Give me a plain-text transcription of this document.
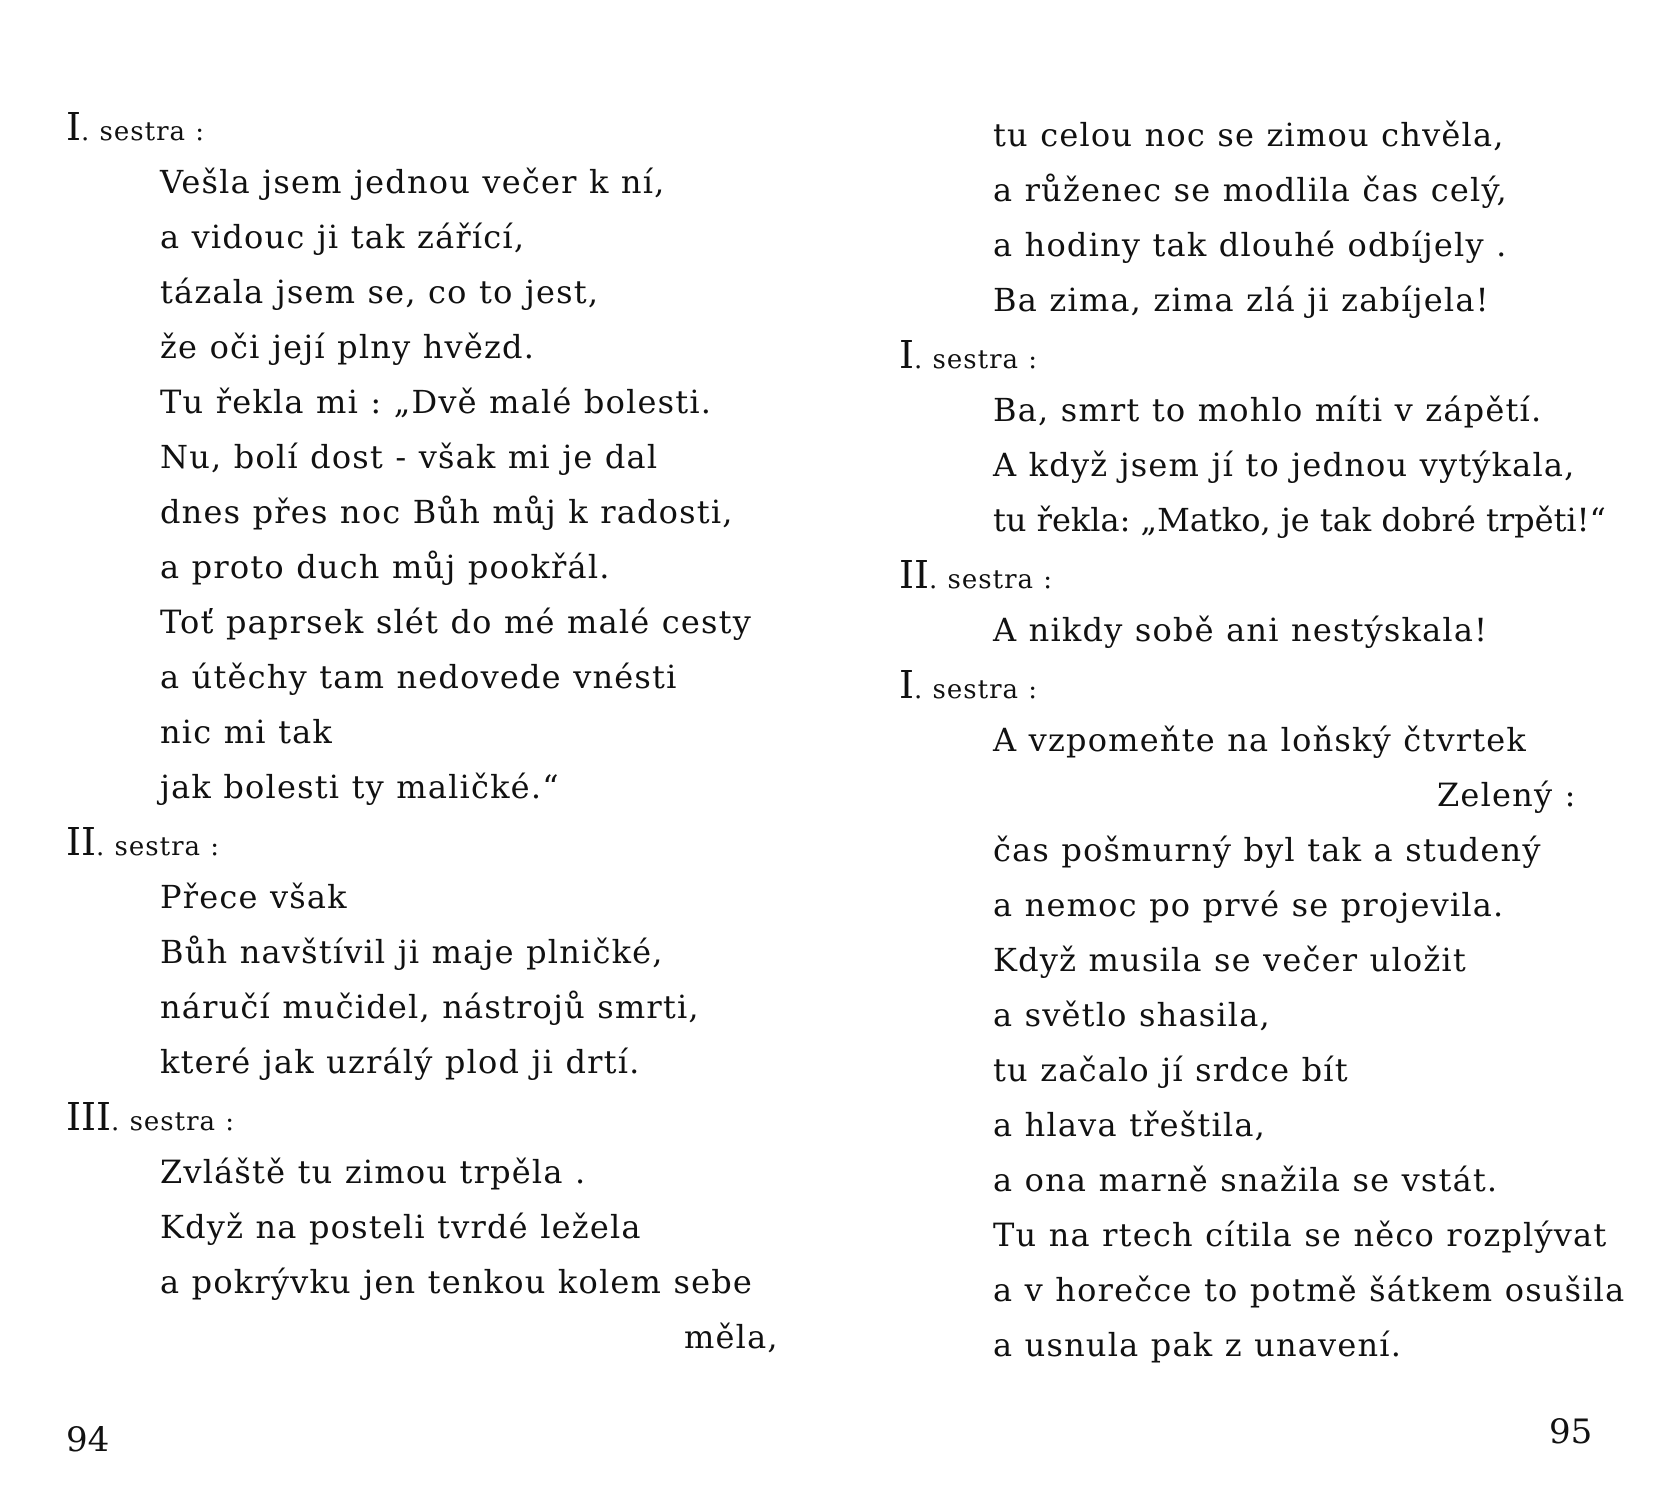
I. sestra :
Vešla jsem jednou večer k ní,
a vidouc ji tak zářící,
tázala jsem se, co to jest,
že oči její plny hvězd.
Tu řekla mi : „Dvě malé bolesti.
Nu, bolí dost - však mi je dal
dnes přes noc Bůh můj k radosti,
a proto duch můj pookřál.
Toť paprsek slét do mé malé cesty
a útěchy tam nedovede vnésti
nic mi tak
jak bolesti ty maličké.“
II. sestra :
Přece však
Bůh navštívil ji maje plničké,
náručí mučidel, nástrojů smrti,
které jak uzrálý plod ji drtí.
III. sestra :
Zvláště tu zimou trpěla .
Když na posteli tvrdé ležela
a pokrývku jen tenkou kolem sebe
měla,
94
tu celou noc se zimou chvěla,
a růženec se modlila čas celý,
a hodiny tak dlouhé odbíjely .
Ba zima, zima zlá ji zabíjela!
I. sestra :
Ba, smrt to mohlo míti v zápětí.
A když jsem jí to jednou vytýkala,
tu řekla: „Matko, je tak dobré trpěti!“
II. sestra :
A nikdy sobě ani nestýskala!
I. sestra :
A vzpomeňte na loňský čtvrtek
Zelený :
čas pošmurný byl tak a studený
a nemoc po prvé se projevila.
Když musila se večer uložit
a světlo shasila,
tu začalo jí srdce bít
a hlava třeštila,
a ona marně snažila se vstát.
Tu na rtech cítila se něco rozplývat
a v horečce to potmě šátkem osušila
a usnula pak z unavení.
95
